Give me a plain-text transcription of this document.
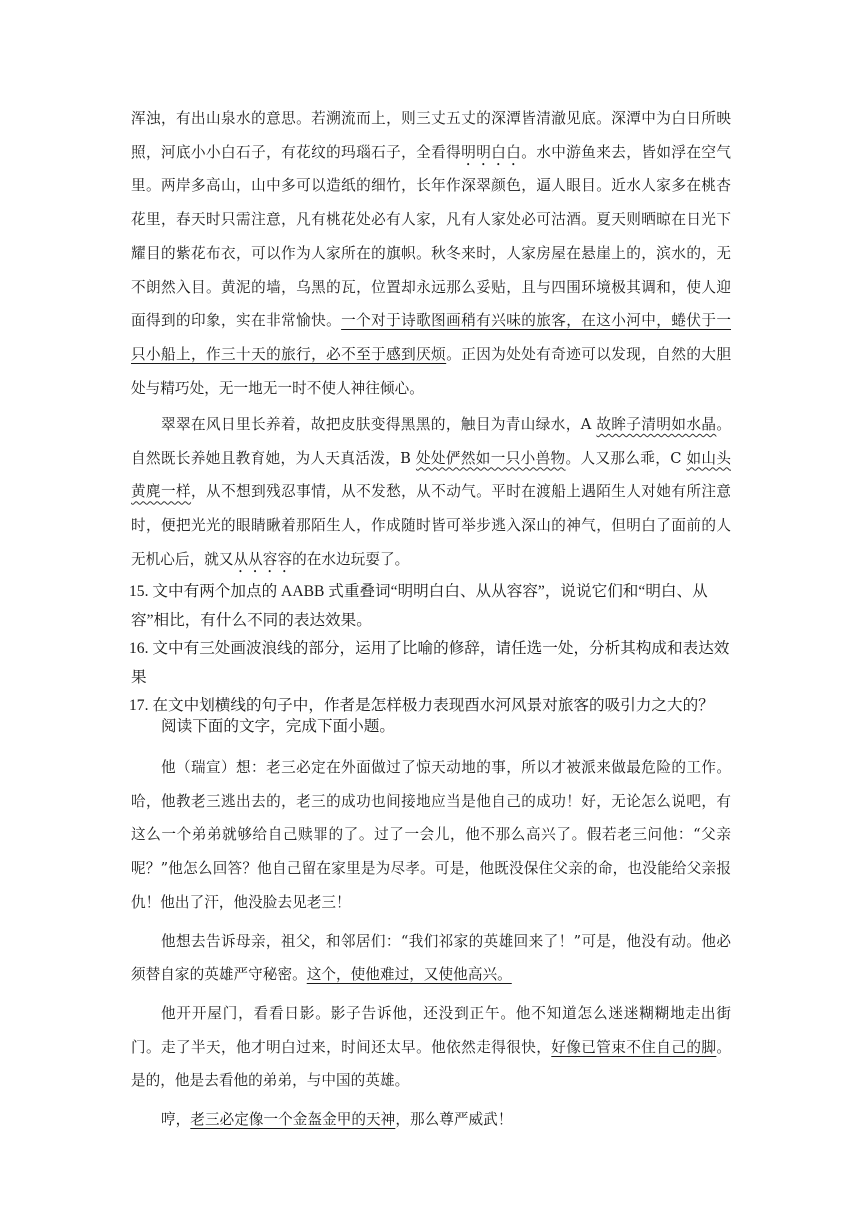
浑浊，有出山泉水的意思。若溯流而上，则三丈五丈的深潭皆清澈见底。深潭中为白日所映照，河底小小白石子，有花纹的玛瑙石子，全看得明明白白。水中游鱼来去，皆如浮在空气里。两岸多高山，山中多可以造纸的细竹，长年作深翠颜色，逼人眼目。近水人家多在桃杏花里，春天时只需注意，凡有桃花处必有人家，凡有人家处必可沽酒。夏天则晒晾在日光下耀目的紫花布衣，可以作为人家所在的旗帜。秋冬来时，人家房屋在悬崖上的，滨水的，无不朗然入目。黄泥的墙，乌黑的瓦，位置却永远那么妥贴，且与四围环境极其调和，使人迎面得到的印象，实在非常愉快。一个对于诗歌图画稍有兴味的旅客，在这小河中，蜷伏于一只小船上，作三十天的旅行，必不至于感到厌烦。正因为处处有奇迹可以发现，自然的大胆处与精巧处，无一地无一时不使人神往倾心。

翠翠在风日里长养着，故把皮肤变得黑黑的，触目为青山绿水，A 故眸子清明如水晶。自然既长养她且教育她，为人天真活泼，B 处处俨然如一只小兽物。人又那么乖，C 如山头黄麂一样，从不想到残忍事情，从不发愁，从不动气。平时在渡船上遇陌生人对她有所注意时，便把光光的眼睛瞅着那陌生人，作成随时皆可举步逃入深山的神气，但明白了面前的人无机心后，就又从从容容的在水边玩耍了。

15. 文中有两个加点的 AABB 式重叠词“明明白白、从从容容”，说说它们和“明白、从容”相比，有什么不同的表达效果。

16. 文中有三处画波浪线的部分，运用了比喻的修辞，请任选一处，分析其构成和表达效果

17. 在文中划横线的句子中，作者是怎样极力表现酉水河风景对旅客的吸引力之大的？

阅读下面的文字，完成下面小题。

他（瑞宣）想：老三必定在外面做过了惊天动地的事，所以才被派来做最危险的工作。哈，他教老三逃出去的，老三的成功也间接地应当是他自己的成功！好，无论怎么说吧，有这么一个弟弟就够给自己赎罪的了。过了一会儿，他不那么高兴了。假若老三问他：“父亲呢？”他怎么回答？他自己留在家里是为尽孝。可是，他既没保住父亲的命，也没能给父亲报仇！他出了汗，他没脸去见老三！

他想去告诉母亲，祖父，和邻居们：“我们祁家的英雄回来了！”可是，他没有动。他必须替自家的英雄严守秘密。这个，使他难过，又使他高兴。

他开开屋门，看看日影。影子告诉他，还没到正午。他不知道怎么迷迷糊糊地走出街门。走了半天，他才明白过来，时间还太早。他依然走得很快，好像已管束不住自己的脚。是的，他是去看他的弟弟，与中国的英雄。

哼，老三必定像一个金盔金甲的天神，那么尊严威武！
